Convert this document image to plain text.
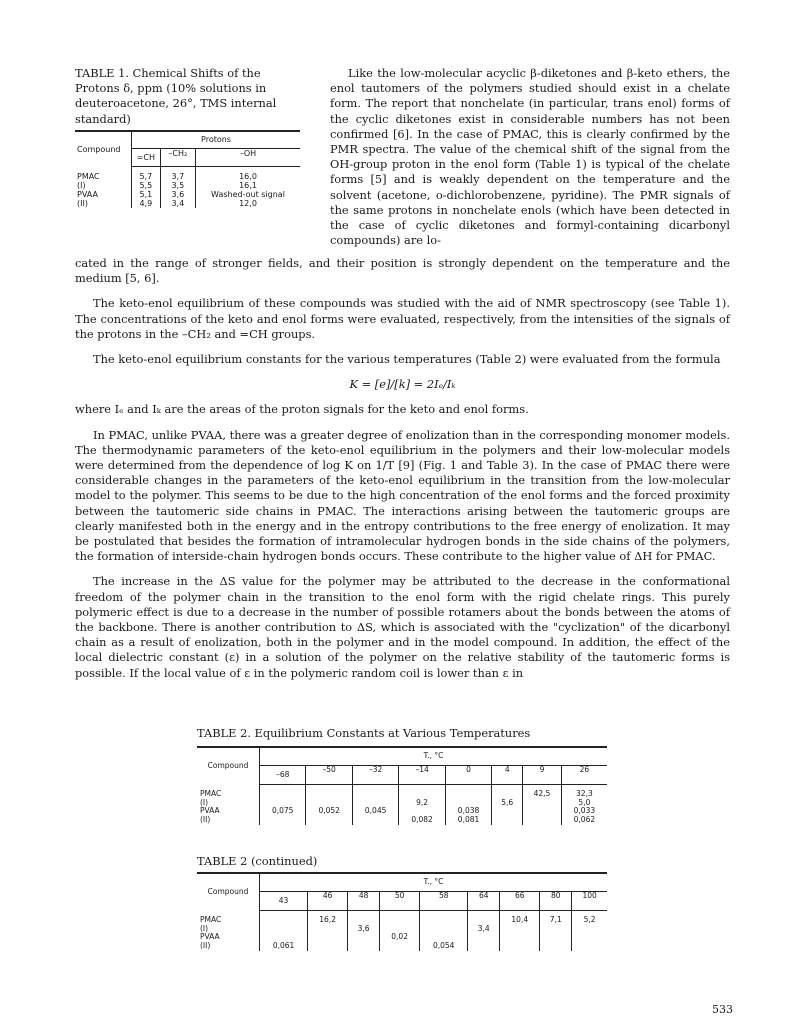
TABLE 1. Chemical Shifts of the Protons δ, ppm (10% solutions in deuteroacetone, 26°, TMS internal standard)
Compound	Protons		
	=CH	–CH₂	–OH
PMAC	5,7	3,7	16,0
(I)	5,5	3,5	16,1
PVAA	5,1	3,6	Washed-out signal
(II)	4,9	3,4	12,0

Like the low-molecular acyclic β-diketones and β-keto ethers, the enol tautomers of the polymers studied should exist in a chelate form. The report that nonchelate (in particular, trans enol) forms of the cyclic diketones exist in considerable numbers has not been confirmed [6]. In the case of PMAC, this is clearly confirmed by the PMR spectra. The value of the chemical shift of the signal from the OH-group proton in the enol form (Table 1) is typical of the chelate forms [5] and is weakly dependent on the temperature and the solvent (acetone, o-dichlorobenzene, pyridine). The PMR signals of the same protons in nonchelate enols (which have been detected in the case of cyclic diketones and formyl-containing dicarbonyl compounds) are lo-

cated in the range of stronger fields, and their position is strongly dependent on the temperature and the medium [5, 6].

The keto-enol equilibrium of these compounds was studied with the aid of NMR spectroscopy (see Table 1). The concentrations of the keto and enol forms were evaluated, respectively, from the intensities of the signals of the protons in the –CH₂ and =CH groups.

The keto-enol equilibrium constants for the various temperatures (Table 2) were evaluated from the formula

K = [e]/[k] = 2Iₑ/Iₖ

where Iₑ and Iₖ are the areas of the proton signals for the keto and enol forms.

In PMAC, unlike PVAA, there was a greater degree of enolization than in the corresponding monomer models. The thermodynamic parameters of the keto-enol equilibrium in the polymers and their low-molecular models were determined from the dependence of log K on 1/T [9] (Fig. 1 and Table 3). In the case of PMAC there were considerable changes in the parameters of the keto-enol equilibrium in the transition from the low-molecular model to the polymer. This seems to be due to the high concentration of the enol forms and the forced proximity between the tautomeric side chains in PMAC. The interactions arising between the tautomeric groups are clearly manifested both in the energy and in the entropy contributions to the free energy of enolization. It may be postulated that besides the formation of intramolecular hydrogen bonds in the side chains of the polymers, the formation of interside-chain hydrogen bonds occurs. These contribute to the higher value of ΔH for PMAC.

The increase in the ΔS value for the polymer may be attributed to the decrease in the conformational freedom of the polymer chain in the transition to the enol form with the rigid chelate rings. This purely polymeric effect is due to a decrease in the number of possible rotamers about the bonds between the atoms of the backbone. There is another contribution to ΔS, which is associated with the "cyclization" of the dicarbonyl chain as a result of enolization, both in the polymer and in the model compound. In addition, the effect of the local dielectric constant (ε) in a solution of the polymer on the relative stability of the tautomeric forms is possible. If the local value of ε in the polymeric random coil is lower than ε in

TABLE 2. Equilibrium Constants at Various Temperatures
Compound	T., °C							
	–68	–50	–32	–14	0	4	9	26
PMAC							42,5	32,3
(I)				9,2		5,6		5,0
PVAA	0,075	0,052	0,045		0,038			0,033
(II)				0,082	0,081			0,062
TABLE 2 (continued)
Compound	T., °C								
	43	46	48	50	58	64	66	80	100
PMAC		16,2					10,4	7,1	5,2
(I)			3,6			3,4			
PVAA				0,02					
(II)	0,061				0,054				
533
